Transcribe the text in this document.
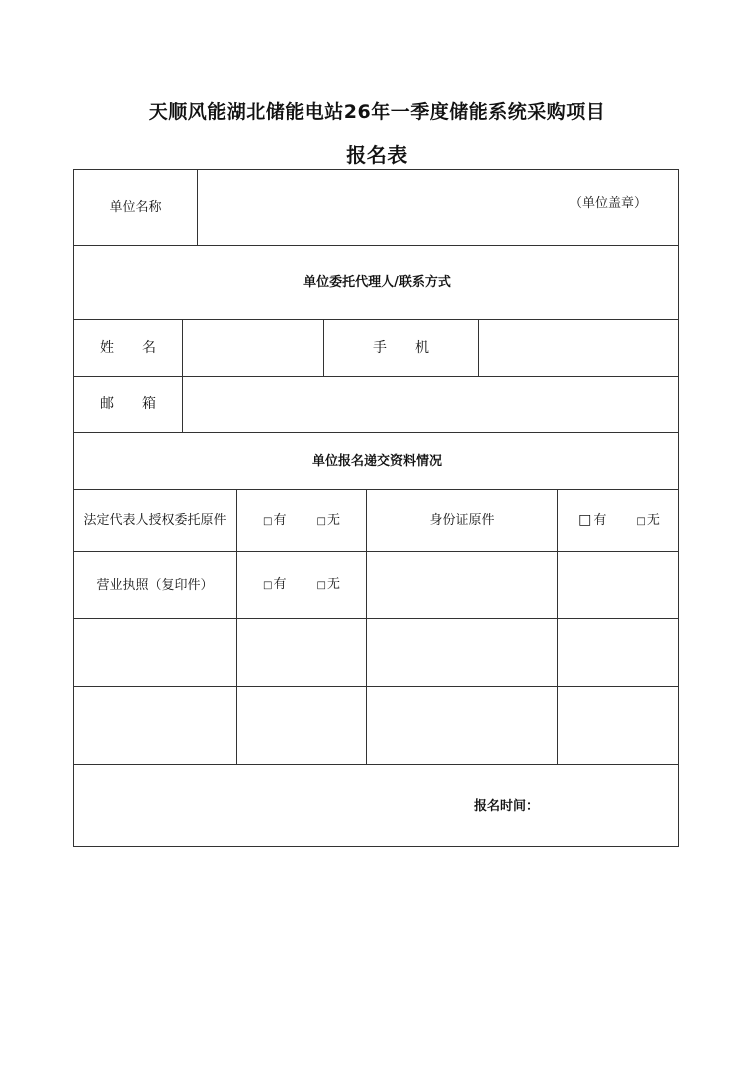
天顺风能湖北储能电站26年一季度储能系统采购项目
报名表
单位名称	（单位盖章）
单位委托代理人/联系方式
姓　　名	手　　机
邮　　箱
单位报名递交资料情况
法定代表人授权委托原件	□有	□无	身份证原件	□ 有	□无
营业执照（复印件）	□有	□无
报名时间：
